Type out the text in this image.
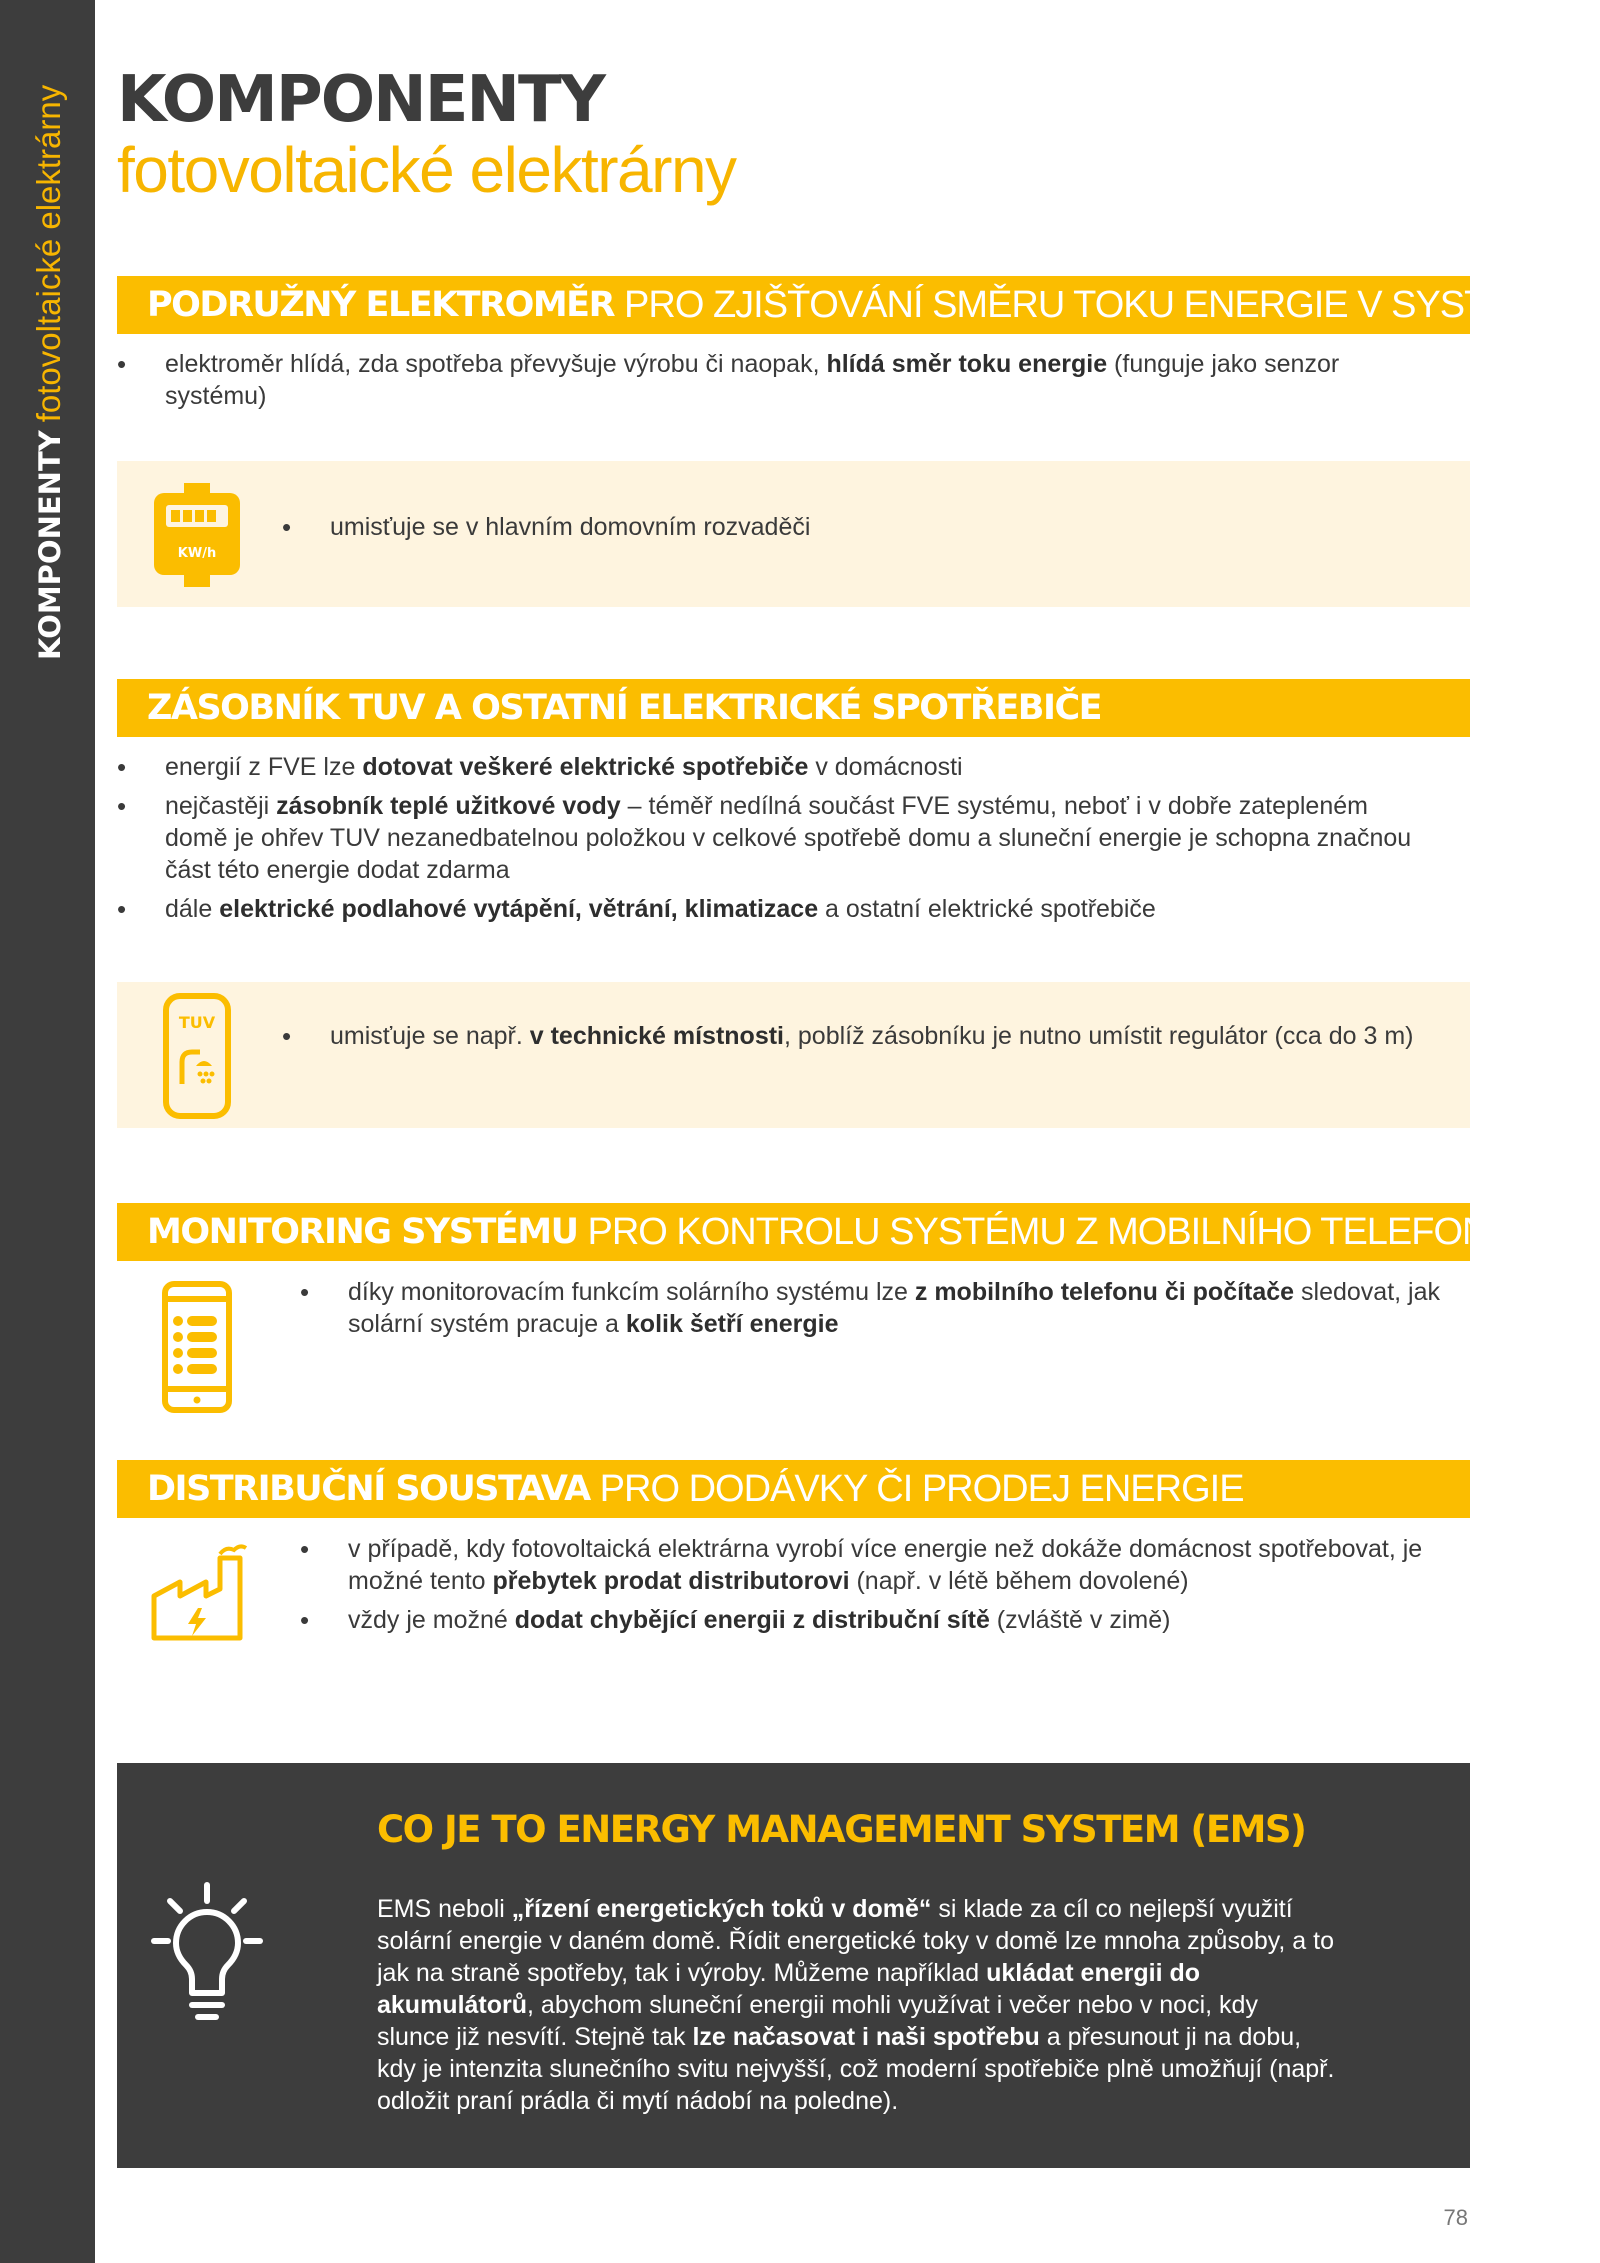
KOMPONENTYfotovoltaické elektrárny KOMPONENTY
fotovoltaické elektrárny
PODRUŽNÝ ELEKTROMĚR PRO ZJIŠŤOVÁNÍ SMĚRU TOKU ENERGIE V SYSTÉMU
• elektroměr hlídá, zda spotřeba převyšuje výrobu či naopak, hlídá směr toku energie (funguje jako senzor systému)
KW/h
• umisťuje se v hlavním domovním rozvaděči
ZÁSOBNÍK TUV A OSTATNÍ ELEKTRICKÉ SPOTŘEBIČE
• energií z FVE lze dotovat veškeré elektrické spotřebiče v domácnosti
• nejčastěji zásobník teplé užitkové vody – téměř nedílná součást FVE systému, neboť i v dobře zatepleném domě je ohřev TUV nezanedbatelnou položkou v celkové spotřebě domu a sluneční energie je schopna značnou část této energie dodat zdarma
• dále elektrické podlahové vytápění, větrání, klimatizace a ostatní elektrické spotřebiče
TUV
•	umisťuje se např. v technické místnosti, poblíž zásobníku je nutno umístit regulátor (cca do 3 m)
MONITORING SYSTÉMU PRO KONTROLU SYSTÉMU Z MOBILNÍHO TELEFONU/PC
• díky monitorovacím funkcím solárního systému lze z mobilního telefonu či počítače sledovat, jak solární systém pracuje a kolik šetří energie
DISTRIBUČNÍ SOUSTAVA PRO DODÁVKY ČI PRODEJ ENERGIE
• v případě, kdy fotovoltaická elektrárna vyrobí více energie než dokáže domácnost spotřebovat, je možné tento přebytek prodat distributorovi (např. v létě během dovolené)
• vždy je možné dodat chybějící energii z distribuční sítě (zvláště v zimě)
CO JE TO ENERGY MANAGEMENT SYSTEM (EMS)
EMS neboli „řízení energetických toků v domě“ si klade za cíl co nejlepší využití solární energie v daném domě. Řídit energetické toky v domě lze mnoha způsoby, a to jak na straně spotřeby, tak i výroby. Můžeme například ukládat energii do akumulátorů, abychom sluneční energii mohli využívat i večer nebo v noci, kdy slunce již nesvítí. Stejně tak lze načasovat i naši spotřebu a přesunout ji na dobu, kdy je intenzita slunečního svitu nejvyšší, což moderní spotřebiče plně umožňují (např. odložit praní prádla či mytí nádobí na poledne).
78
